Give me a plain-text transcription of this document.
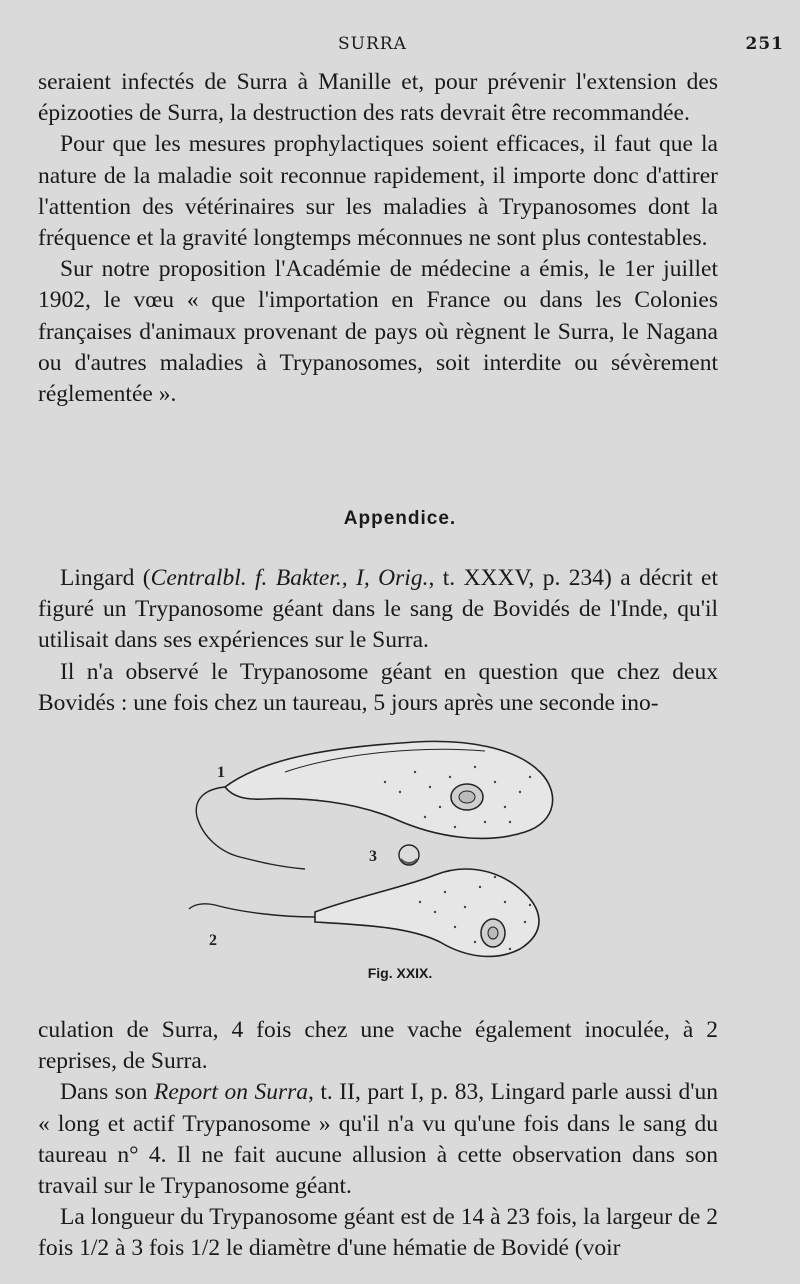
SURRA	251

seraient infectés de Surra à Manille et, pour prévenir l'extension des épizooties de Surra, la destruction des rats devrait être recommandée.

Pour que les mesures prophylactiques soient efficaces, il faut que la nature de la maladie soit reconnue rapidement, il importe donc d'attirer l'attention des vétérinaires sur les maladies à Trypanosomes dont la fréquence et la gravité longtemps méconnues ne sont plus contestables.

Sur notre proposition l'Académie de médecine a émis, le 1er juillet 1902, le vœu « que l'importation en France ou dans les Colonies françaises d'animaux provenant de pays où règnent le Surra, le Nagana ou d'autres maladies à Trypanosomes, soit interdite ou sévèrement réglementée ».

Appendice.

Lingard (Centralbl. f. Bakter., I, Orig., t. XXXV, p. 234) a décrit et figuré un Trypanosome géant dans le sang de Bovidés de l'Inde, qu'il utilisait dans ses expériences sur le Surra.

Il n'a observé le Trypanosome géant en question que chez deux Bovidés : une fois chez un taureau, 5 jours après une seconde ino-

1
3
2
Fig. XXIX.

culation de Surra, 4 fois chez une vache également inoculée, à 2 reprises, de Surra.

Dans son Report on Surra, t. II, part I, p. 83, Lingard parle aussi d'un « long et actif Trypanosome » qu'il n'a vu qu'une fois dans le sang du taureau n° 4. Il ne fait aucune allusion à cette observation dans son travail sur le Trypanosome géant.

La longueur du Trypanosome géant est de 14 à 23 fois, la largeur de 2 fois 1/2 à 3 fois 1/2 le diamètre d'une hématie de Bovidé (voir
